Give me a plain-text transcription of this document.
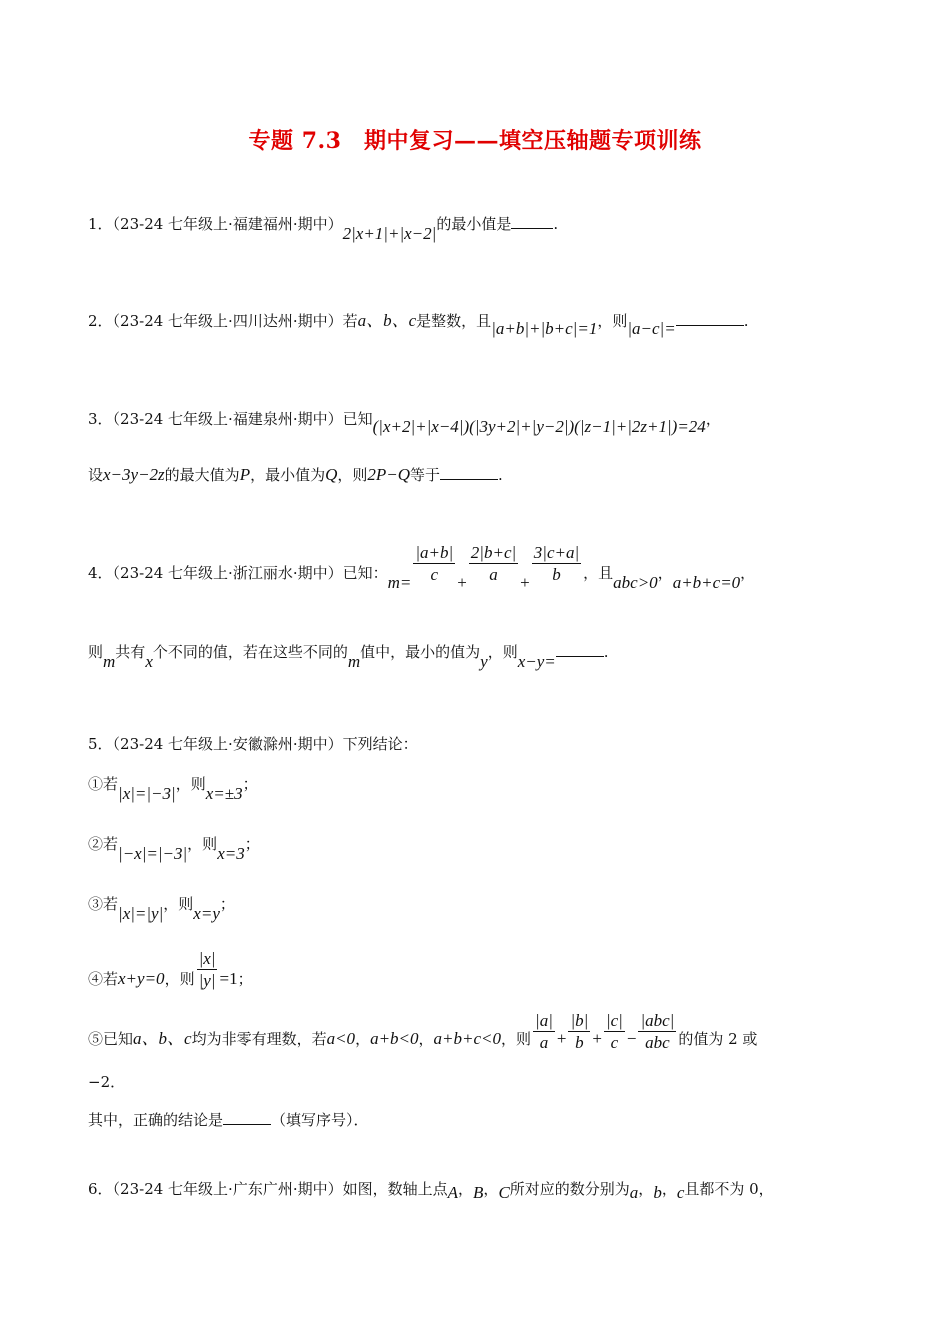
专题 7.3　期中复习——填空压轴题专项训练
1．（23-24 七年级上·福建福州·期中）2|x+1|+|x−2|的最小值是	.
2．（23-24 七年级上·四川达州·期中）若a、b、c是整数，且|a+b|+|b+c|=1，则|a−c|=	.
3．（23-24 七年级上·福建泉州·期中）已知(|x+2|+|x−4|)(|3y+2|+|y−2|)(|z−1|+|2z+1|)=24，
设x−3y−2z的最大值为P，最小值为Q，则2P−Q等于	.
4．（23-24 七年级上·浙江丽水·期中）已知：$m= \frac{|a+b|}{c} + \frac{2|b+c|}{a} + \frac{3|c+a|}{b}$ ，且abc>0，a+b+c=0，
则m共有x个不同的值，若在这些不同的m值中，最小的值为y，则x−y=	.
5．（23-24 七年级上·安徽滁州·期中）下列结论：
①若|x|=|−3|，则x=±3；
②若|−x|=|−3|，则x=3；
③若|x|=|y|，则x=y；
④若x+y=0，则 $\frac{|x|}{|y|} =1$；
⑤已知a、b、c均为非零有理数，若a<0，a+b<0，a+b+c<0，则 $\frac{|a|}{a} + \frac{|b|}{b} + \frac{|c|}{c} - \frac{\text{|abc|}}{\text{abc}}$ 的值为 2 或
−2．
其中，正确的结论是	（填写序号）．
6．（23-24 七年级上·广东广州·期中）如图，数轴上点A，B，C所对应的数分别为a，b，c且都不为 0，
